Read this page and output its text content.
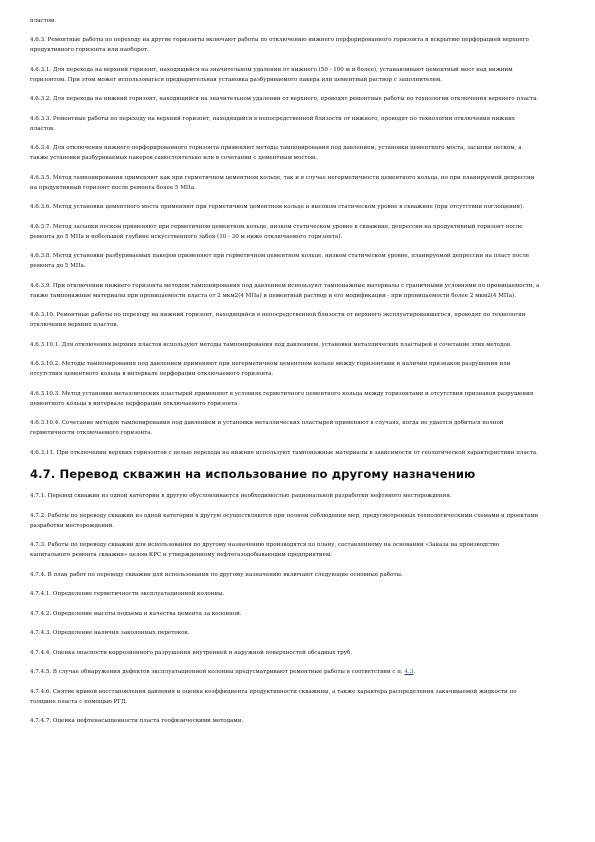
пластом.

4.6.3. Ремонтные работы по переходу на другие горизонты включают работы по отключению нижнего перфорированного горизонта и вскрытию перфорацией верхнего продуктивного горизонта или наоборот.

4.6.3.1. Для перехода на верхний горизонт, находящийся на значительном удалении от нижнего (50 - 100 м и более), устанавливают цементный мост над нижним горизонтом. При этом может использоваться предварительная установка разбуриваемого пакера или цементный раствор с заполнителем.

4.6.3.2. Для перехода на нижний горизонт, находящийся на значительном удалении от верхнего, проводят ремонтные работы по технологии отключения верхнего пласта.

4.6.3.3. Ремонтные работы по переходу на верхний горизонт, находящийся в непосредственной близости от нижнего, проводят по технологии отключения нижних пластов.

4.6.3.4. Для отключения нижнего перфорированного горизонта применяют методы тампонирования под давлением, установки цементного моста, засыпки песком, а также установки разбуриваемых пакеров самостоятельно или в сочетании с цементным мостом.

4.6.3.5. Метод тампонирования применяют как при герметичном цементном кольце, так и в случае негерметичности цементного кольца, но при планируемой депрессии на продуктивный горизонт после ремонта более 5 МПа.

4.6.3.6. Метод установки цементного моста применяют при герметичном цементном кольце и высоком статическом уровне в скважине (при отсутствии поглощения).

4.6.3.7. Метод засыпки песком применяют при герметичном цементном кольце, низком статическом уровне в скважине, депрессии на продуктивный горизонт после ремонта до 5 МПа и небольшой глубине искусственного забоя (10 - 30 м ниже отключаемого горизонта).

4.6.3.8. Метод установки разбуриваемых пакеров применяют при герметичном цементном кольце, низком статическом уровне, планируемой депрессии на пласт после ремонта до 5 МПа.

4.6.3.9. При отключении нижнего горизонта методом тампонирования под давлением используют тампонажные материалы с граничными условиями по проницаемости, а также тампонажные материалы при проницаемости пласта от 2 мкм2(4 МПа) и цементный раствор и его модификации - при проницаемости более 2 мкм2(4 МПа).

4.6.3.10. Ремонтные работы по переходу на нижний горизонт, находящийся в непосредственной близости от верхнего эксплуатировавшегося, проводят по технологии отключения верхних пластов.

4.6.3.10.1. Для отключения верхних пластов используют методы тампонирования под давлением, установки металлических пластырей и сочетание этих методов.

4.6.3.10.2. Методы тампонирования под давлением применяют при негерметичном цементном кольце между горизонтами и наличии признаков разрушения или отсутствия цементного кольца в интервале перфорации отключаемого горизонта.

4.6.3.10.3. Метод установки металлических пластырей применяют в условиях герметичного цементного кольца между горизонтами и отсутствия признаков разрушения цементного кольца в интервале перфорации отключаемого горизонта.

4.6.3.10.4. Сочетание методов тампонирования под давлением и установки металлических пластырей применяют в случаях, когда не удается добиться полной герметичности отключаемого горизонта.

4.6.3.11. При отключении верхних горизонтов с целью перехода на нижние используют тампонажные материалы в зависимости от геологической характеристики пласта.

4.7. Перевод скважин на использование по другому назначению

4.7.1. Перевод скважин из одной категории в другую обусловливается необходимостью рациональной разработки нефтяного месторождения.

4.7.2. Работы по переводу скважин из одной категории в другую осуществляются при полном соблюдении мер, предусмотренных технологическими схемами и проектами разработки месторождений.

4.7.3. Работы по переводу скважин для использования по другому назначению производятся по плану, составленному на основании «Заказа на производство капитального ремонта скважин» целом КРС и утвержденному нефтегазодобывающим предприятием.

4.7.4. В план работ по переводу скважин для использования по другому назначению включают следующие основные работы.

4.7.4.1. Определение герметичности эксплуатационной колонны.

4.7.4.2. Определение высоты подъема и качества цемента за колонной.

4.7.4.3. Определение наличия заколонных перетоков.

4.7.4.4. Оценка опасности коррозионного разрушения внутренней и наружной поверхностей обсадных труб.

4.7.4.5. В случае обнаружения дефектов эксплуатационной колонны предусматривают ремонтные работы в соответствии с п. 4.3.

4.7.4.6. Снятие кривой восстановления давления и оценка коэффициента продуктивности скважины, а также характера распределения закачиваемой жидкости по толщине пласта с помощью РГД.

4.7.4.7. Оценка нефтенасыщенности пласта геофизическими методами.
